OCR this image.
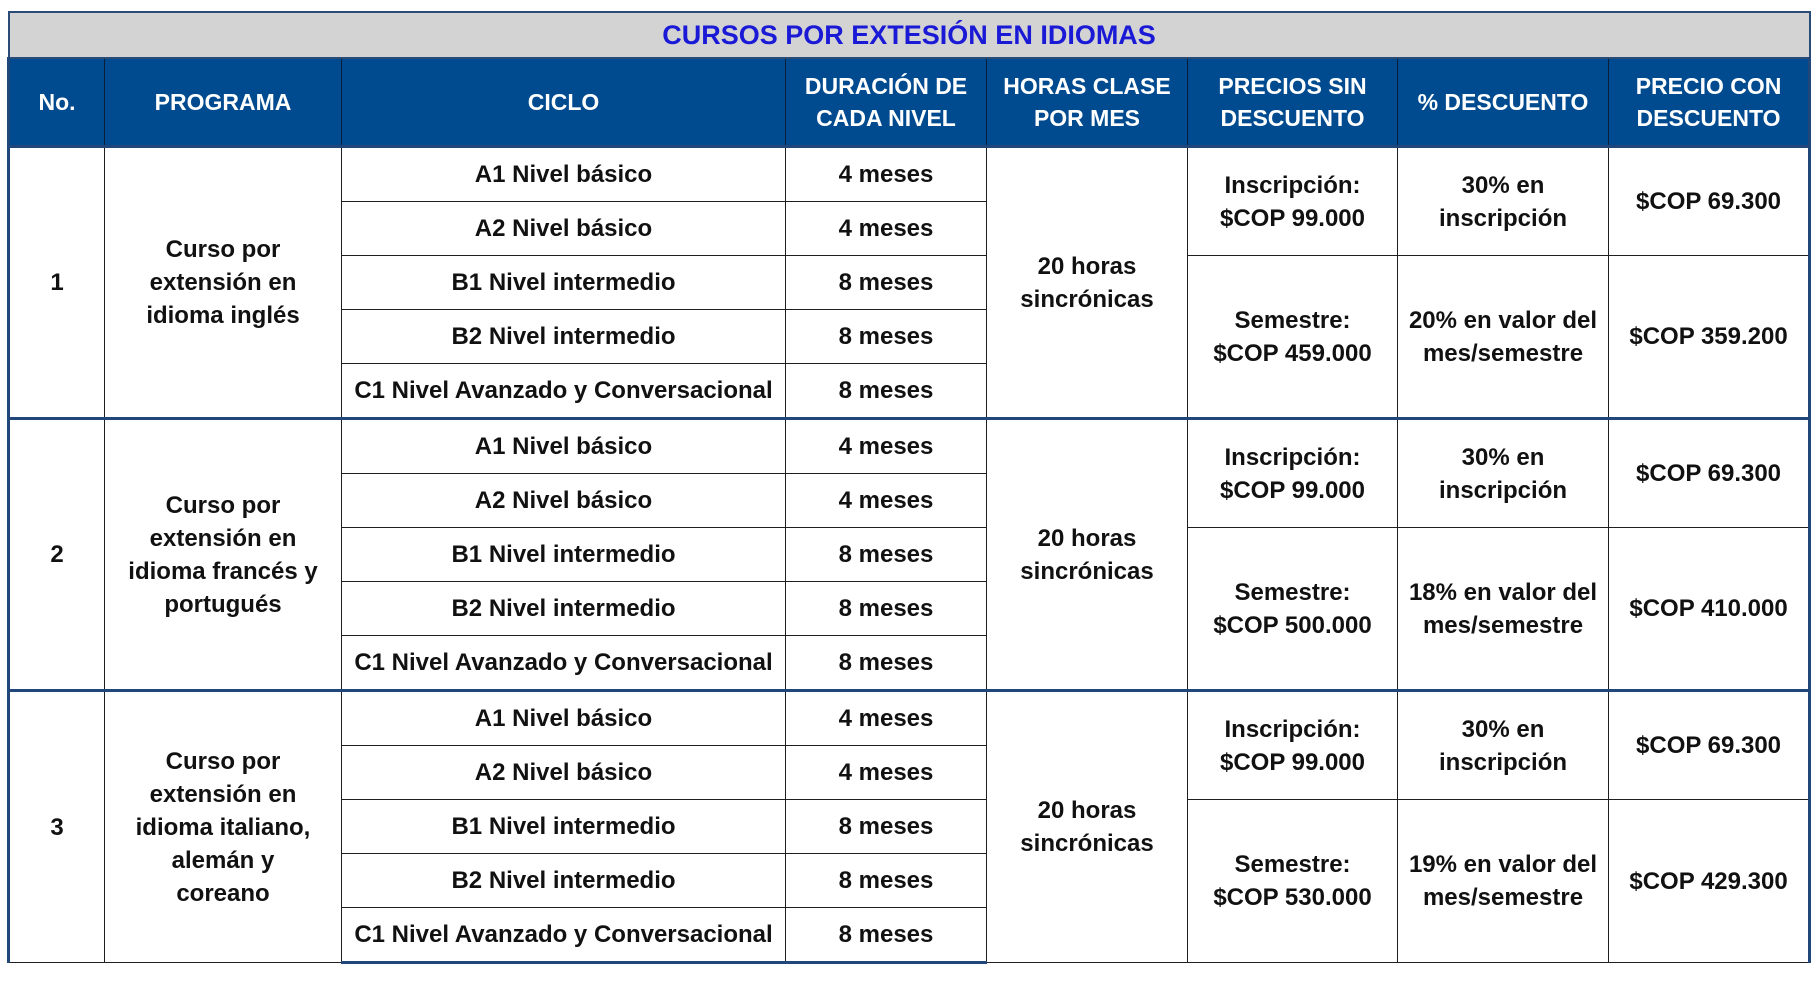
CURSOS POR EXTESIÓN EN IDIOMAS							
No.	PROGRAMA	CICLO	DURACIÓN DE CADA NIVEL	HORAS CLASE POR MES	PRECIOS SIN DESCUENTO	% DESCUENTO	PRECIO CON DESCUENTO
1	Curso por extensión en idioma inglés	A1 Nivel básico	4 meses	20 horas sincrónicas	Inscripción: $COP 99.000	30% en inscripción	$COP 69.300
		A2 Nivel básico	4 meses				
		B1 Nivel intermedio	8 meses		Semestre: $COP 459.000	20% en valor del mes/semestre	$COP 359.200
		B2 Nivel intermedio	8 meses				
		C1 Nivel Avanzado y Conversacional	8 meses				
2	Curso por extensión en idioma francés y portugués	A1 Nivel básico	4 meses	20 horas sincrónicas	Inscripción: $COP 99.000	30% en inscripción	$COP 69.300
		A2 Nivel básico	4 meses				
		B1 Nivel intermedio	8 meses		Semestre: $COP 500.000	18% en valor del mes/semestre	$COP 410.000
		B2 Nivel intermedio	8 meses				
		C1 Nivel Avanzado y Conversacional	8 meses				
3	Curso por extensión en idioma italiano, alemán y coreano	A1 Nivel básico	4 meses	20 horas sincrónicas	Inscripción: $COP 99.000	30% en inscripción	$COP 69.300
		A2 Nivel básico	4 meses				
		B1 Nivel intermedio	8 meses		Semestre: $COP 530.000	19% en valor del mes/semestre	$COP 429.300
		B2 Nivel intermedio	8 meses				
		C1 Nivel Avanzado y Conversacional	8 meses				
